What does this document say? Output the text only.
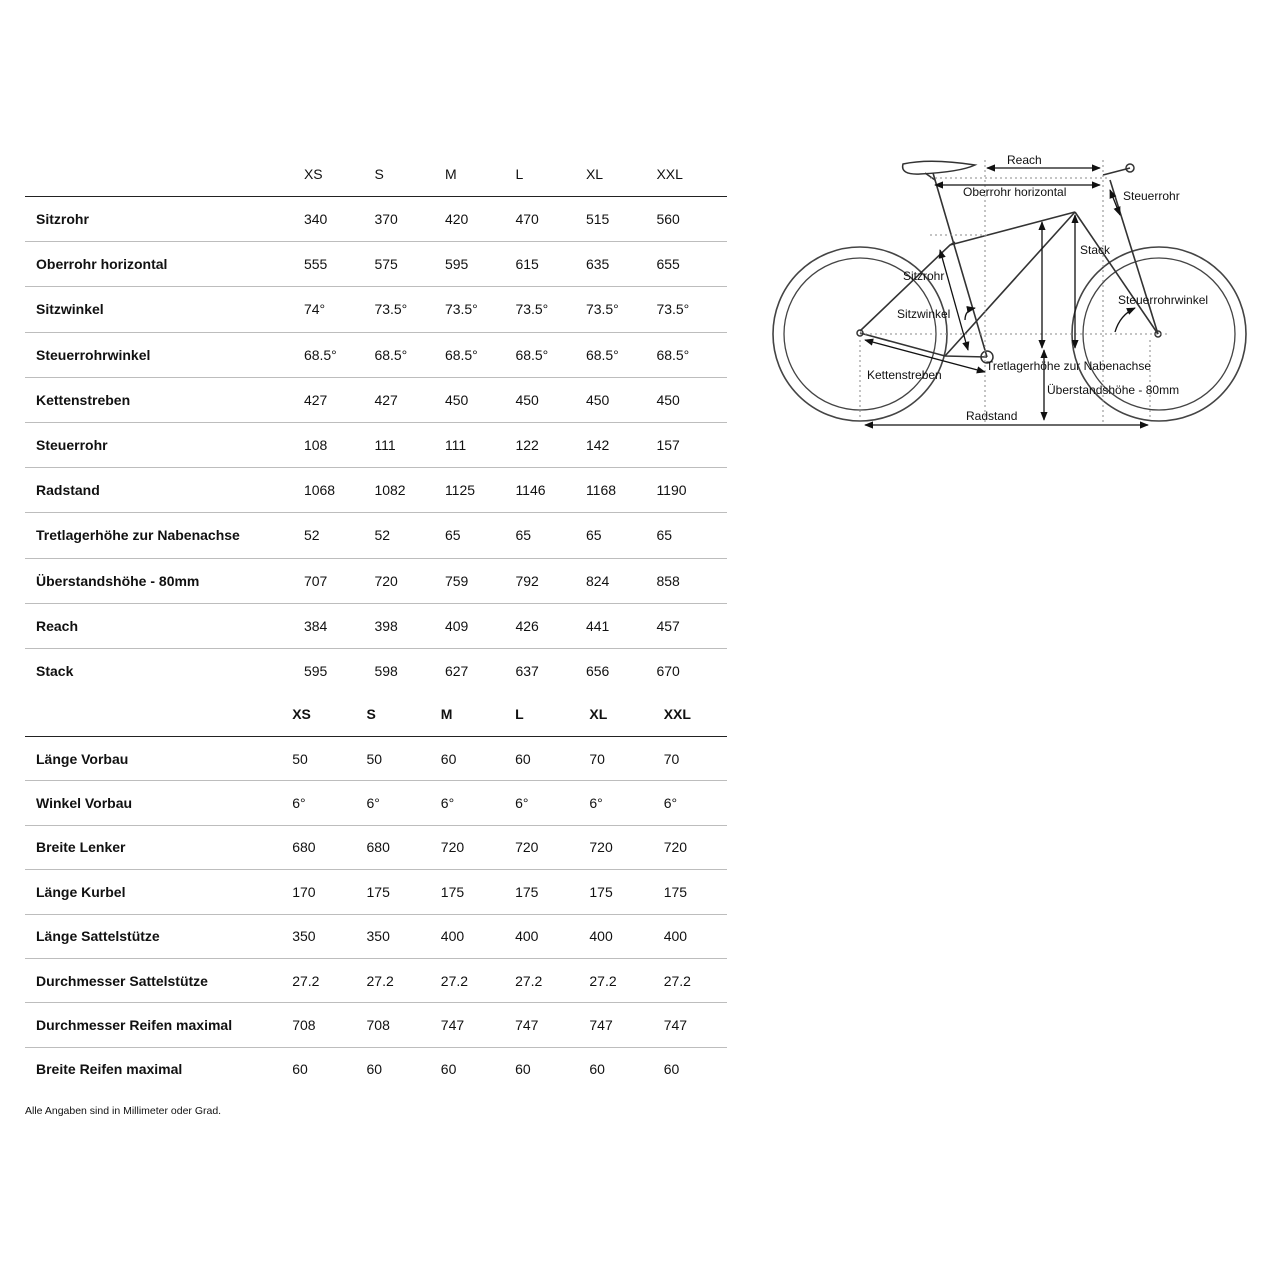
	XS	S	M	L	XL	XXL
Sitzrohr	340	370	420	470	515	560
Oberrohr horizontal	555	575	595	615	635	655
Sitzwinkel	74°	73.5°	73.5°	73.5°	73.5°	73.5°
Steuerrohrwinkel	68.5°	68.5°	68.5°	68.5°	68.5°	68.5°
Kettenstreben	427	427	450	450	450	450
Steuerrohr	108	111	111	122	142	157
Radstand	1068	1082	1125	1146	1168	1190
Tretlagerhöhe zur Nabenachse	52	52	65	65	65	65
Überstandshöhe - 80mm	707	720	759	792	824	858
Reach	384	398	409	426	441	457
Stack	595	598	627	637	656	670
	XS	S	M	L	XL	XXL
Länge Vorbau	50	50	60	60	70	70
Winkel Vorbau	6°	6°	6°	6°	6°	6°
Breite Lenker	680	680	720	720	720	720
Länge Kurbel	170	175	175	175	175	175
Länge Sattelstütze	350	350	400	400	400	400
Durchmesser Sattelstütze	27.2	27.2	27.2	27.2	27.2	27.2
Durchmesser Reifen maximal	708	708	747	747	747	747
Breite Reifen maximal	60	60	60	60	60	60
Alle Angaben sind in Millimeter oder Grad.
Reach
Oberrohr horizontal	Steuerrohr
Stack
Sitzrohr
Steuerrohrwinkel
Sitzwinkel
Tretlagerhöhe zur Nabenachse
Kettenstreben
Überstandshöhe - 80mm
Radstand
